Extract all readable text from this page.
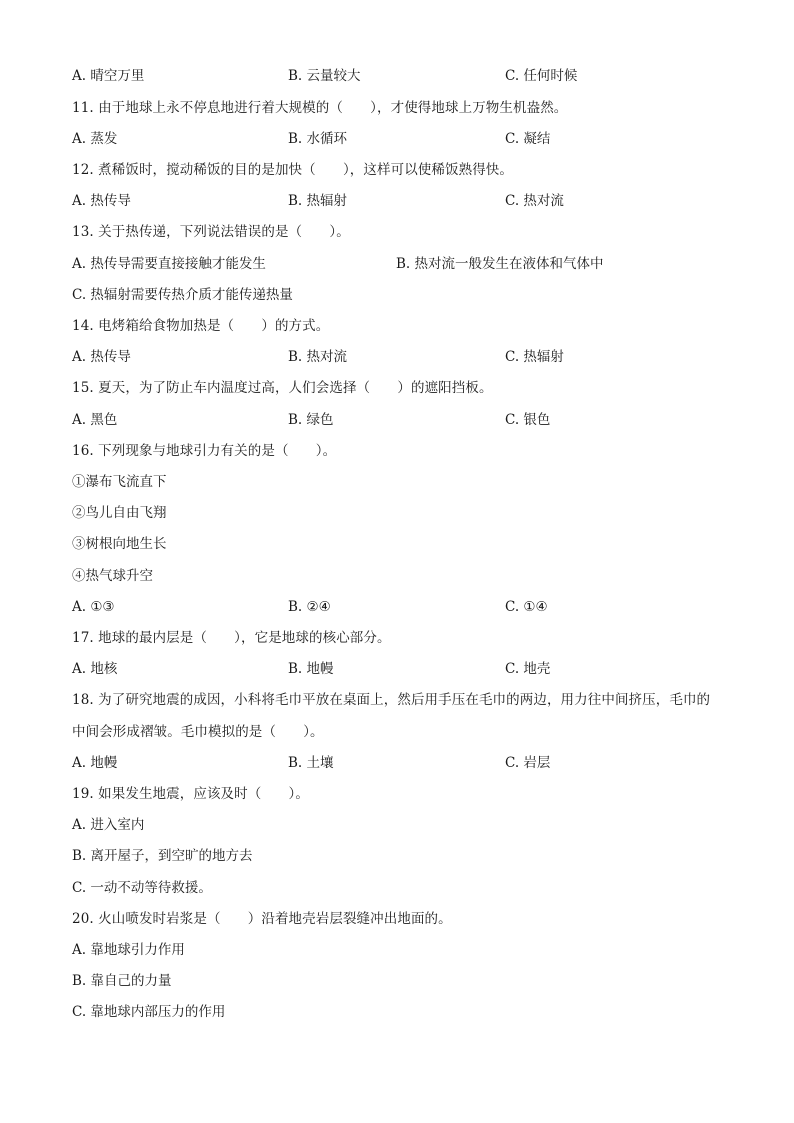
A. 晴空万里	B. 云量较大	C. 任何时候
11. 由于地球上永不停息地进行着大规模的（　　），才使得地球上万物生机盎然。
A. 蒸发	B. 水循环	C. 凝结
12. 煮稀饭时，搅动稀饭的目的是加快（　　），这样可以使稀饭熟得快。
A. 热传导	B. 热辐射	C. 热对流
13. 关于热传递，下列说法错误的是（　　）。
A. 热传导需要直接接触才能发生	B. 热对流一般发生在液体和气体中
C. 热辐射需要传热介质才能传递热量
14. 电烤箱给食物加热是（　　）的方式。
A. 热传导	B. 热对流	C. 热辐射
15. 夏天，为了防止车内温度过高，人们会选择（　　）的遮阳挡板。
A. 黑色	B. 绿色	C. 银色
16. 下列现象与地球引力有关的是（　　）。
①瀑布飞流直下
②鸟儿自由飞翔
③树根向地生长
④热气球升空
A. ①③	B. ②④	C. ①④
17. 地球的最内层是（　　），它是地球的核心部分。
A. 地核	B. 地幔	C. 地壳
18. 为了研究地震的成因，小科将毛巾平放在桌面上，然后用手压在毛巾的两边，用力往中间挤压，毛巾的
中间会形成褶皱。毛巾模拟的是（　　）。
A. 地幔	B. 土壤	C. 岩层
19. 如果发生地震，应该及时（　　）。
A. 进入室内
B. 离开屋子，到空旷的地方去
C. 一动不动等待救援。
20. 火山喷发时岩浆是（　　）沿着地壳岩层裂缝冲出地面的。
A. 靠地球引力作用
B. 靠自己的力量
C. 靠地球内部压力的作用
